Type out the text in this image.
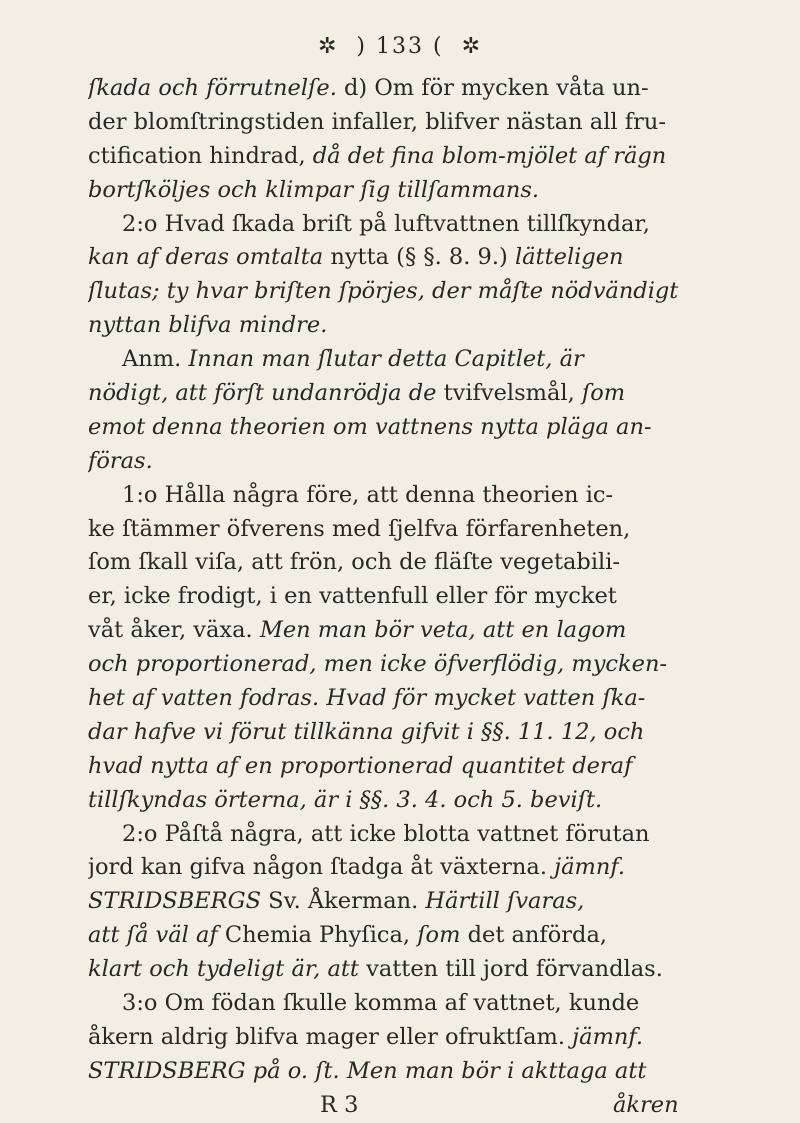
✲ ) 133 ( ✲
ſkada och förrutnelſe. d) Om för mycken våta un-
der blomſtringstiden infaller, blifver nästan all fru-
ctification hindrad, då det fina blom-mjölet af rägn
bortſköljes och klimpar ſig tillſammans.
2:o Hvad ſkada briſt på luftvattnen tillſkyndar,
kan af deras omtalta nytta (§ §. 8. 9.) lätteligen
ſlutas; ty hvar briſten ſpörjes, der måſte nödvändigt
nyttan blifva mindre.
Anm. Innan man ſlutar detta Capitlet, är
nödigt, att förſt undanrödja de tvifvelsmål, ſom
emot denna theorien om vattnens nytta pläga an-
föras.
1:o Hålla några före, att denna theorien ic-
ke ſtämmer öfverens med ſjelfva förfarenheten,
ſom ſkall viſa, att frön, och de fläſte vegetabili-
er, icke frodigt, i en vattenfull eller för mycket
våt åker, växa. Men man bör veta, att en lagom
och proportionerad, men icke öfverflödig, mycken-
het af vatten fodras. Hvad för mycket vatten ſka-
dar hafve vi förut tillkänna gifvit i §§. 11. 12, och
hvad nytta af en proportionerad quantitet deraf
tillſkyndas örterna, är i §§. 3. 4. och 5. beviſt.
2:o Påſtå några, att icke blotta vattnet förutan
jord kan gifva någon ſtadga åt växterna. jämnf.
STRIDSBERGS Sv. Åkerman. Härtill ſvaras,
att ſå väl af Chemia Phyſica, ſom det anförda,
klart och tydeligt är, att vatten till jord förvandlas.
3:o Om födan ſkulle komma af vattnet, kunde
åkern aldrig blifva mager eller ofruktſam. jämnf.
STRIDSBERG på o. ſt. Men man bör i akttaga att
R 3	åkren
